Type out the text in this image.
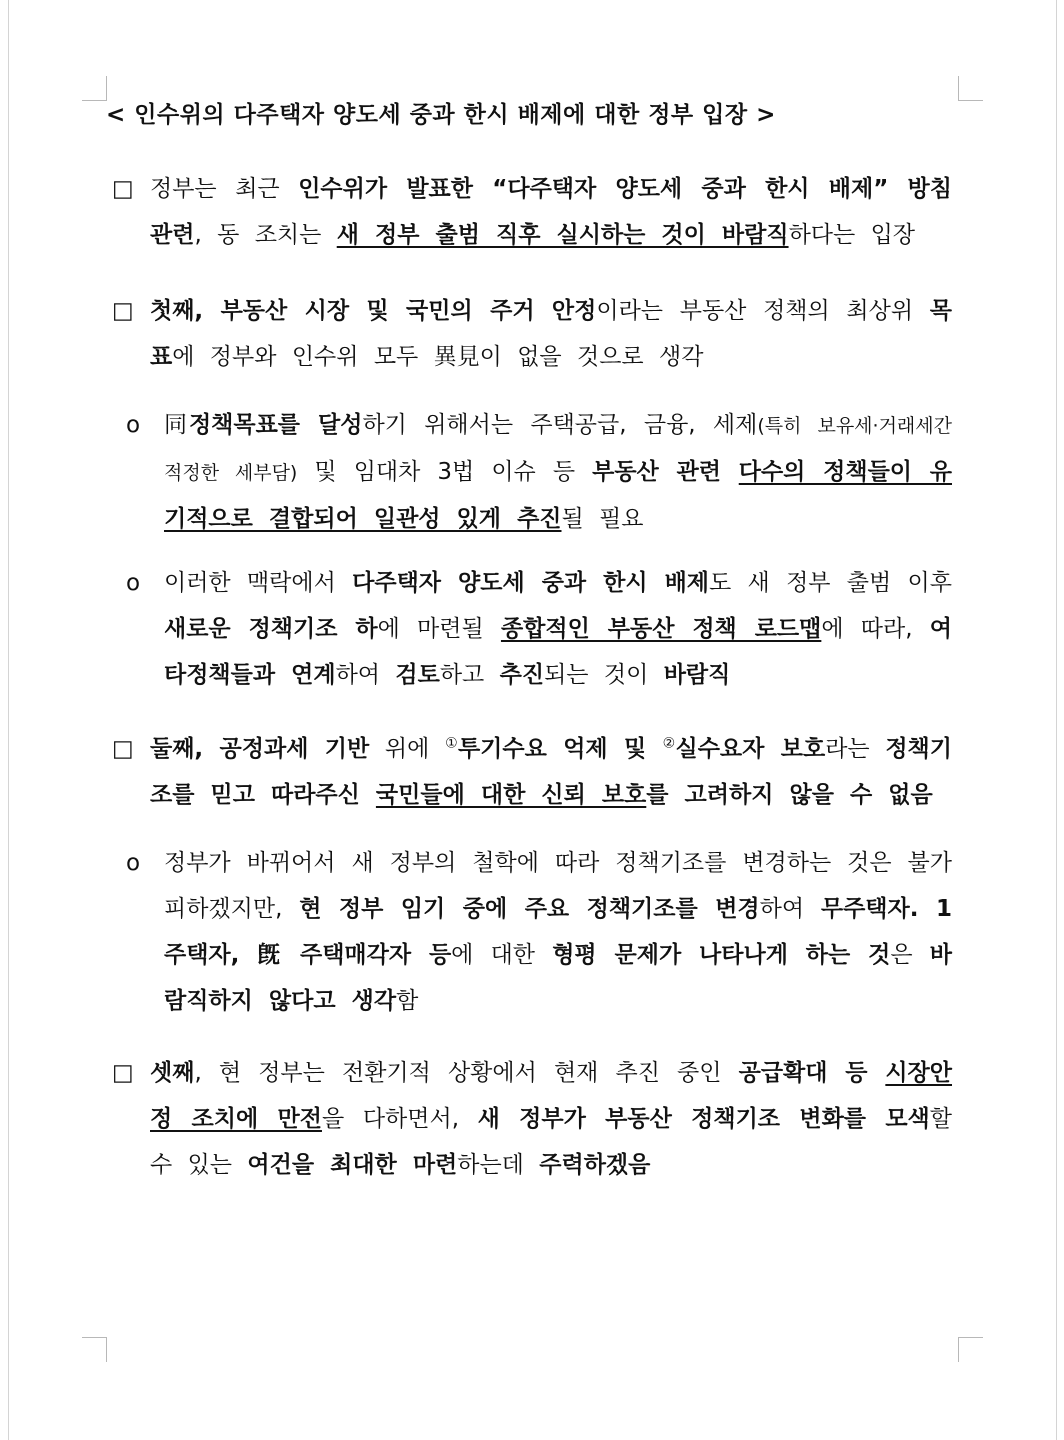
< 인수위의 다주택자 양도세 중과 한시 배제에 대한 정부 입장 >
□ 정부는 최근 인수위가 발표한 “다주택자 양도세 중과 한시 배제” 방침 관련, 동 조치는 새 정부 출범 직후 실시하는 것이 바람직하다는 입장
□ 첫째, 부동산 시장 및 국민의 주거 안정이라는 부동산 정책의 최상위 목표에 정부와 인수위 모두 異見이 없을 것으로 생각
ο	同정책목표를 달성하기 위해서는 주택공급, 금융, 세제(특히 보유세·거래세간 적정한 세부담) 및 임대차 3법 이슈 등 부동산 관련 다수의 정책들이 유기적으로 결합되어 일관성 있게 추진될 필요
ο	이러한 맥락에서 다주택자 양도세 중과 한시 배제도 새 정부 출범 이후 새로운 정책기조 하에 마련될 종합적인 부동산 정책 로드맵에 따라, 여타정책들과 연계하여 검토하고 추진되는 것이 바람직
□ 둘째, 공정과세 기반 위에 ①투기수요 억제 및 ②실수요자 보호라는 정책기조를 믿고 따라주신 국민들에 대한 신뢰 보호를 고려하지 않을 수 없음
ο	정부가 바뀌어서 새 정부의 철학에 따라 정책기조를 변경하는 것은 불가피하겠지만, 현 정부 임기 중에 주요 정책기조를 변경하여 무주택자. 1주택자, 旣 주택매각자 등에 대한 형평 문제가 나타나게 하는 것은 바람직하지 않다고 생각함
□ 셋째, 현 정부는 전환기적 상황에서 현재 추진 중인 공급확대 등 시장안정 조치에 만전을 다하면서, 새 정부가 부동산 정책기조 변화를 모색할 수 있는 여건을 최대한 마련하는데 주력하겠음
